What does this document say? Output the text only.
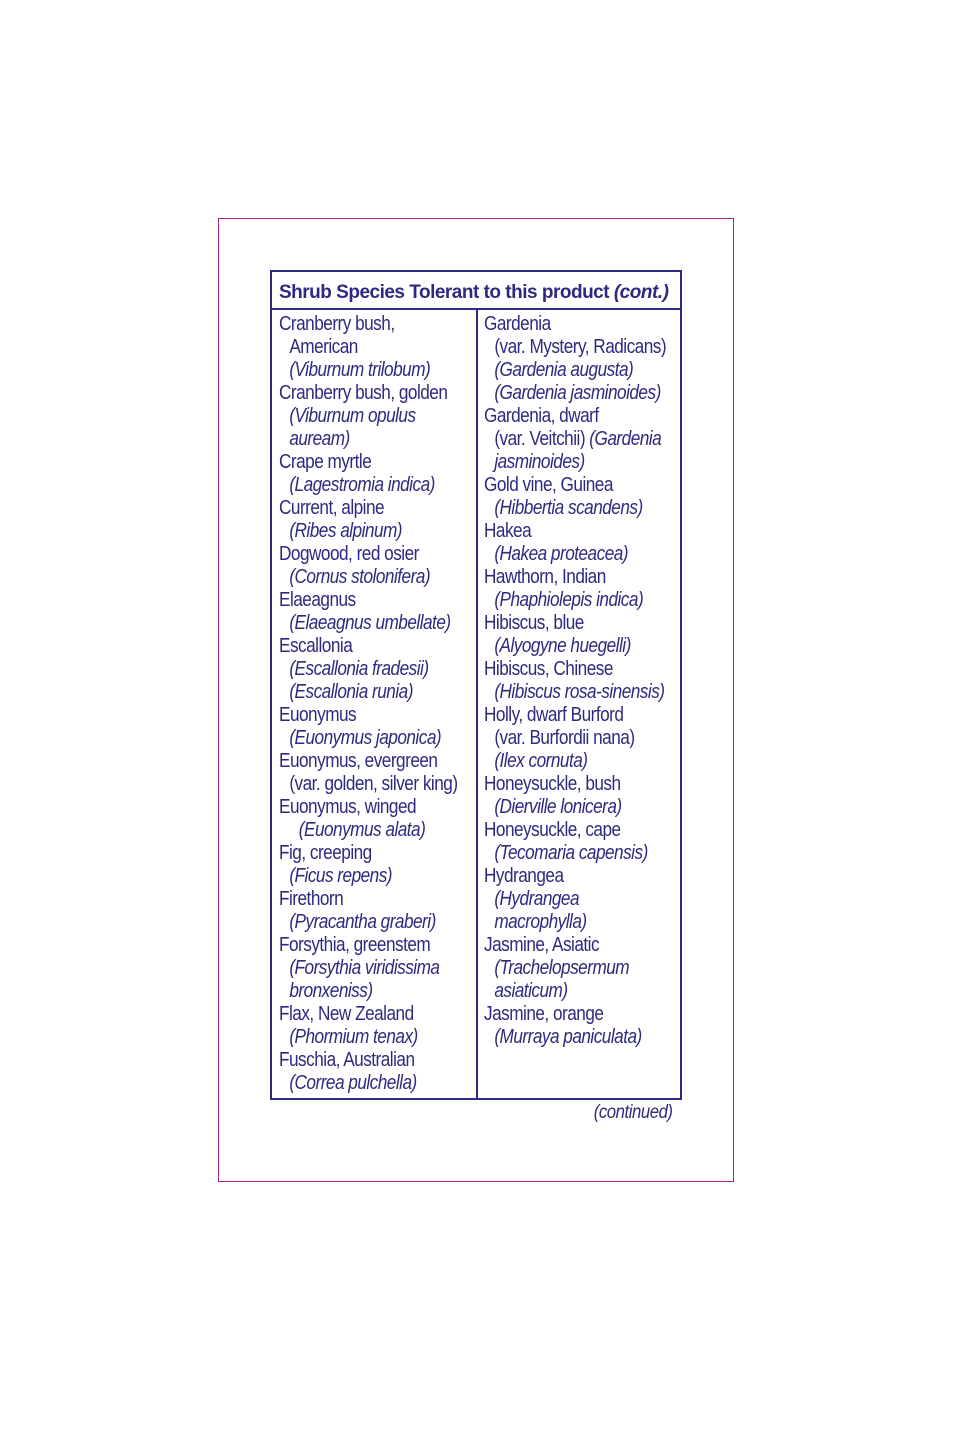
Shrub Species Tolerant to this product (cont.)
Cranberry bush,
American
(Viburnum trilobum)
Cranberry bush, golden
(Viburnum opulus
auream)
Crape myrtle
(Lagestromia indica)
Current, alpine
(Ribes alpinum)
Dogwood, red osier
(Cornus stolonifera)
Elaeagnus
(Elaeagnus umbellate)
Escallonia
(Escallonia fradesii)
(Escallonia runia)
Euonymus
(Euonymus japonica)
Euonymus, evergreen
(var. golden, silver king)
Euonymus, winged
(Euonymus alata)
Fig, creeping
(Ficus repens)
Firethorn
(Pyracantha graberi)
Forsythia, greenstem
(Forsythia viridissima
bronxeniss)
Flax, New Zealand
(Phormium tenax)
Fuschia, Australian
(Correa pulchella)
Gardenia
(var. Mystery, Radicans)
(Gardenia augusta)
(Gardenia jasminoides)
Gardenia, dwarf
(var. Veitchii) (Gardenia
jasminoides)
Gold vine, Guinea
(Hibbertia scandens)
Hakea
(Hakea proteacea)
Hawthorn, Indian
(Phaphiolepis indica)
Hibiscus, blue
(Alyogyne huegelli)
Hibiscus, Chinese
(Hibiscus rosa-sinensis)
Holly, dwarf Burford
(var. Burfordii nana)
(Ilex cornuta)
Honeysuckle, bush
(Dierville lonicera)
Honeysuckle, cape
(Tecomaria capensis)
Hydrangea
(Hydrangea
macrophylla)
Jasmine, Asiatic
(Trachelopsermum
asiaticum)
Jasmine, orange
(Murraya paniculata)
(continued)
